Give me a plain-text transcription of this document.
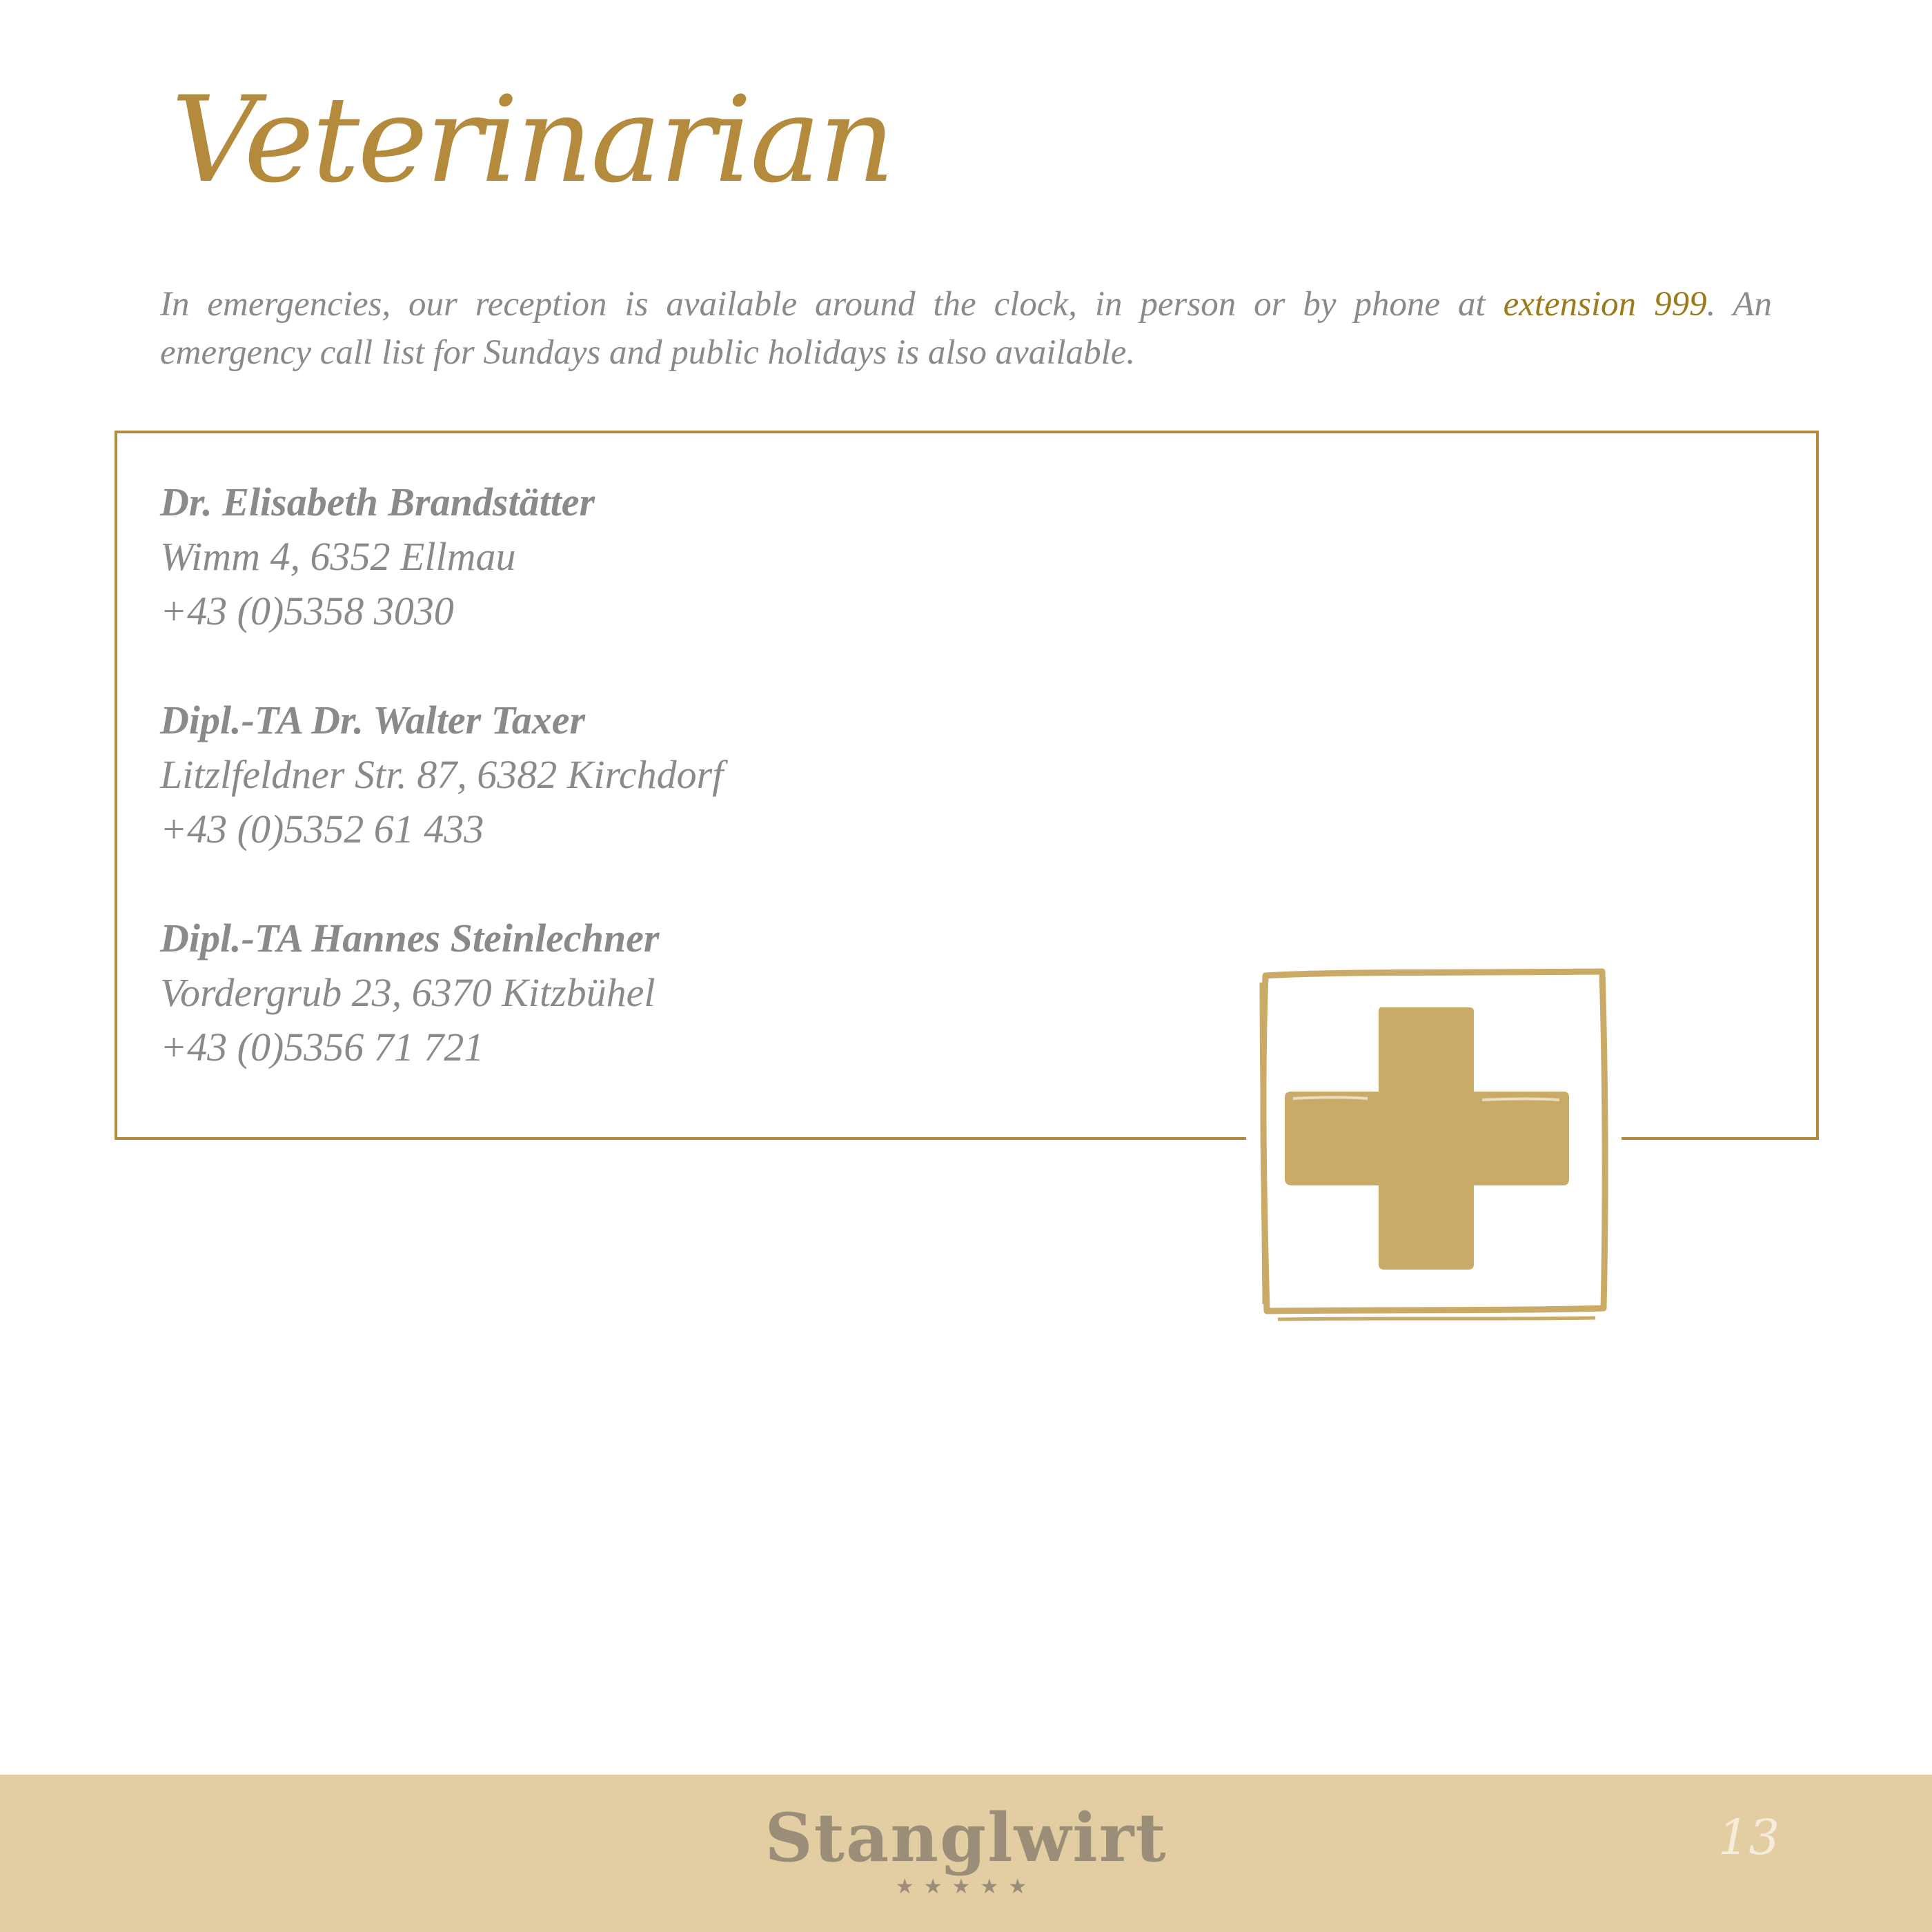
Veterinarian

In emergencies, our reception is available around the clock, in person or by phone at extension 999. An emergency call list for Sundays and public holidays is also available.

Dr. Elisabeth Brandstätter
Wimm 4, 6352 Ellmau
+43 (0)5358 3030
Dipl.-TA Dr. Walter Taxer
Litzlfeldner Str. 87, 6382 Kirchdorf
+43 (0)5352 61 433
Dipl.-TA Hannes Steinlechner
Vordergrub 23, 6370 Kitzbühel
+43 (0)5356 71 721
Stanglwirt
★★★★★
13
